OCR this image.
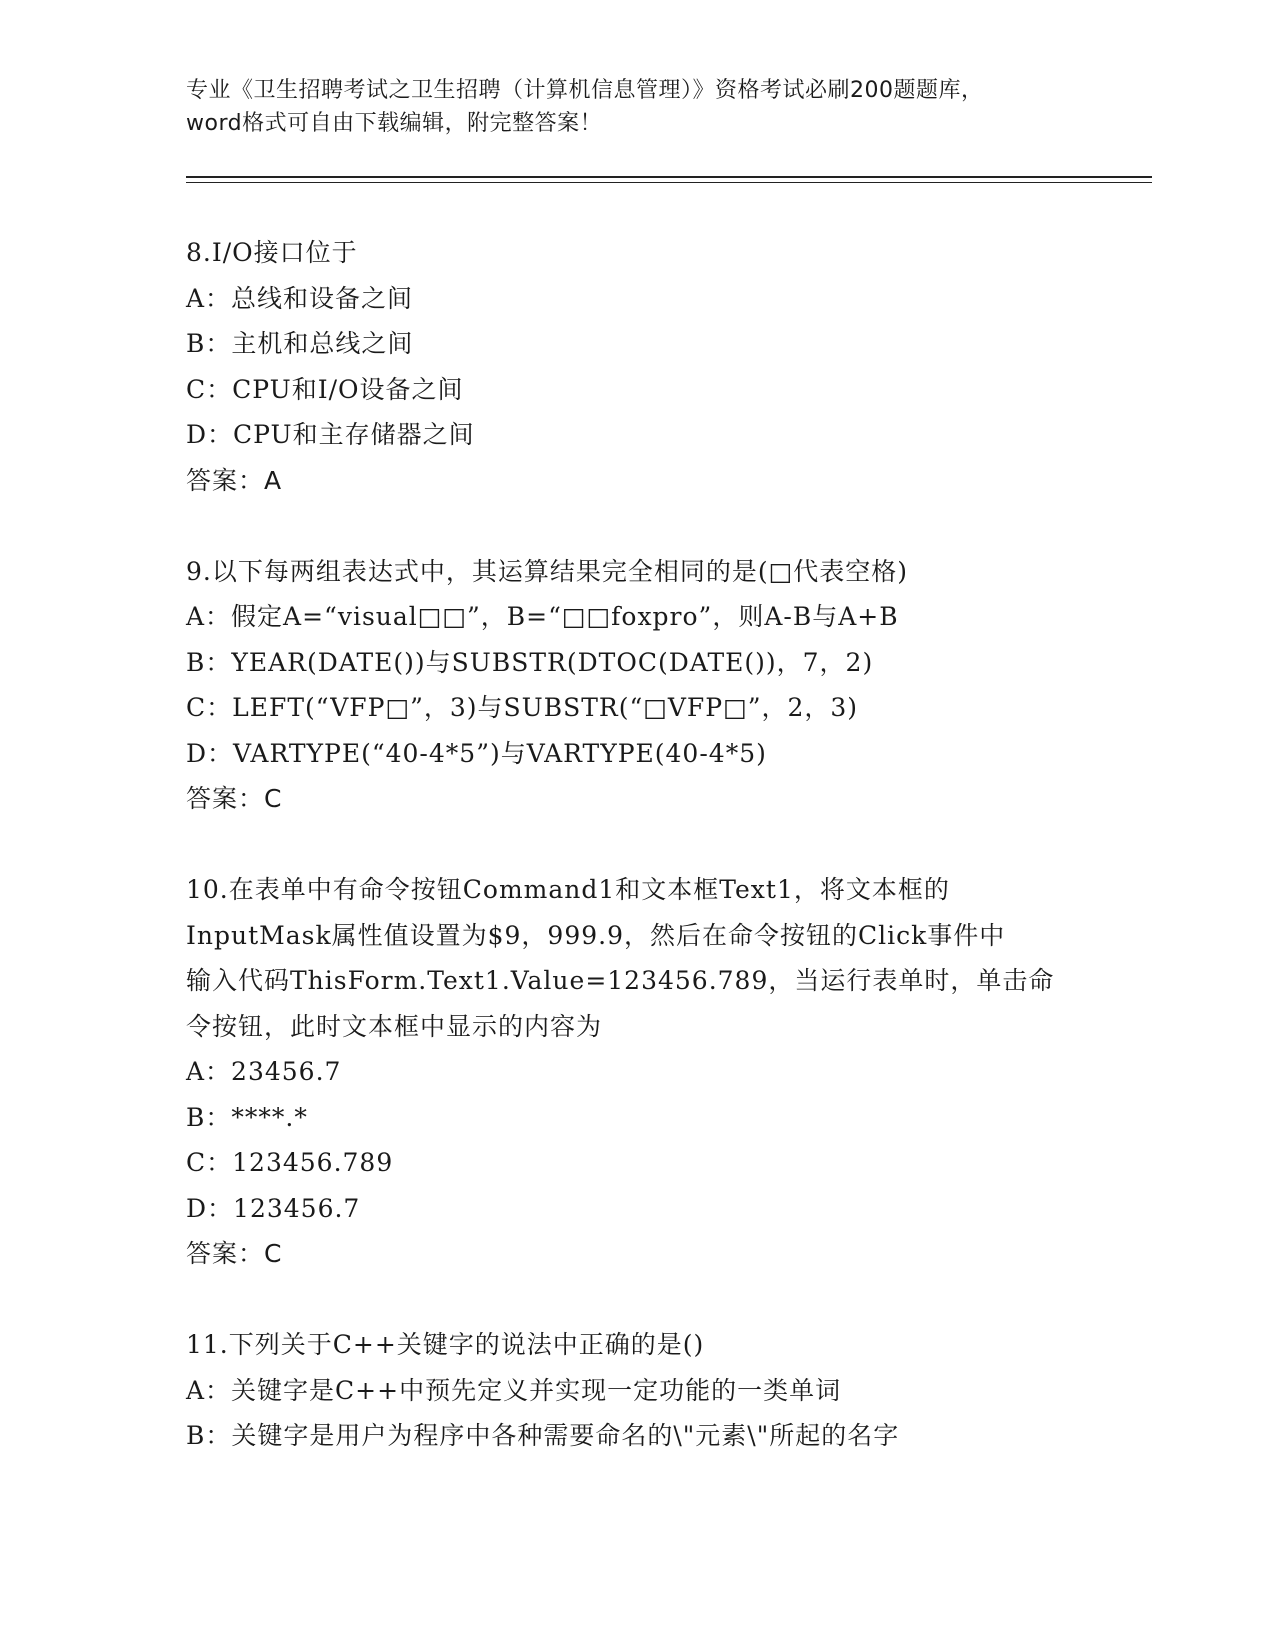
专业《卫生招聘考试之卫生招聘（计算机信息管理）》资格考试必刷200题题库，
word格式可自由下载编辑，附完整答案！
8.I/O接口位于
A：总线和设备之间
B：主机和总线之间
C：CPU和I/O设备之间
D：CPU和主存储器之间
答案：A
9.以下每两组表达式中，其运算结果完全相同的是(□代表空格)
A：假定A=“visual□□”，B=“□□foxpro”，则A-B与A+B
B：YEAR(DATE())与SUBSTR(DTOC(DATE())，7，2)
C：LEFT(“VFP□”，3)与SUBSTR(“□VFP□”，2，3)
D：VARTYPE(“40-4*5”)与VARTYPE(40-4*5)
答案：C
10.在表单中有命令按钮Command1和文本框Text1，将文本框的
InputMask属性值设置为$9，999.9，然后在命令按钮的Click事件中
输入代码ThisForm.Text1.Value=123456.789，当运行表单时，单击命
令按钮，此时文本框中显示的内容为
A：23456.7
B：****.*
C：123456.789
D：123456.7
答案：C
11.下列关于C++关键字的说法中正确的是()
A：关键字是C++中预先定义并实现一定功能的一类单词
B：关键字是用户为程序中各种需要命名的\"元素\"所起的名字
